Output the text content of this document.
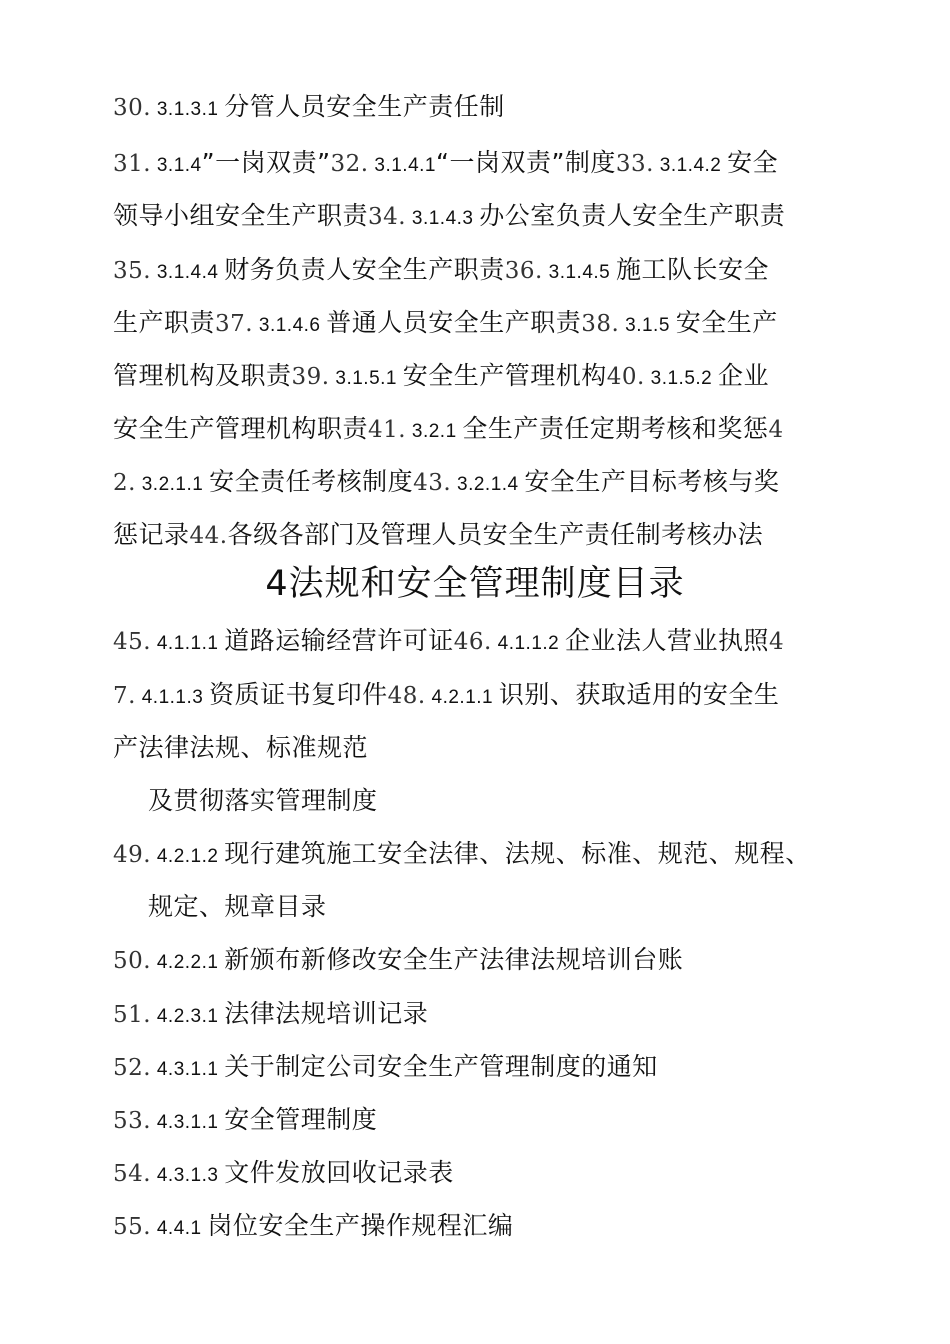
30. 3.1.3.1 分管人员安全生产责任制
31. 3.1.4”一岗双责”32. 3.1.4.1“一岗双责”制度33. 3.1.4.2 安全
领导小组安全生产职责34. 3.1.4.3 办公室负责人安全生产职责
35. 3.1.4.4 财务负责人安全生产职责36. 3.1.4.5 施工队长安全
生产职责37. 3.1.4.6 普通人员安全生产职责38. 3.1.5 安全生产
管理机构及职责39. 3.1.5.1 安全生产管理机构40. 3.1.5.2 企业
安全生产管理机构职责41. 3.2.1 全生产责任定期考核和奖惩4
2. 3.2.1.1 安全责任考核制度43. 3.2.1.4 安全生产目标考核与奖
惩记录44.各级各部门及管理人员安全生产责任制考核办法
4法规和安全管理制度目录
45. 4.1.1.1 道路运输经营许可证46. 4.1.1.2 企业法人营业执照4
7. 4.1.1.3 资质证书复印件48. 4.2.1.1 识别、获取适用的安全生
产法律法规、标准规范
及贯彻落实管理制度
49. 4.2.1.2 现行建筑施工安全法律、法规、标准、规范、规程、
规定、规章目录
50. 4.2.2.1 新颁布新修改安全生产法律法规培训台账
51. 4.2.3.1 法律法规培训记录
52. 4.3.1.1 关于制定公司安全生产管理制度的通知
53. 4.3.1.1 安全管理制度
54. 4.3.1.3 文件发放回收记录表
55. 4.4.1 岗位安全生产操作规程汇编
